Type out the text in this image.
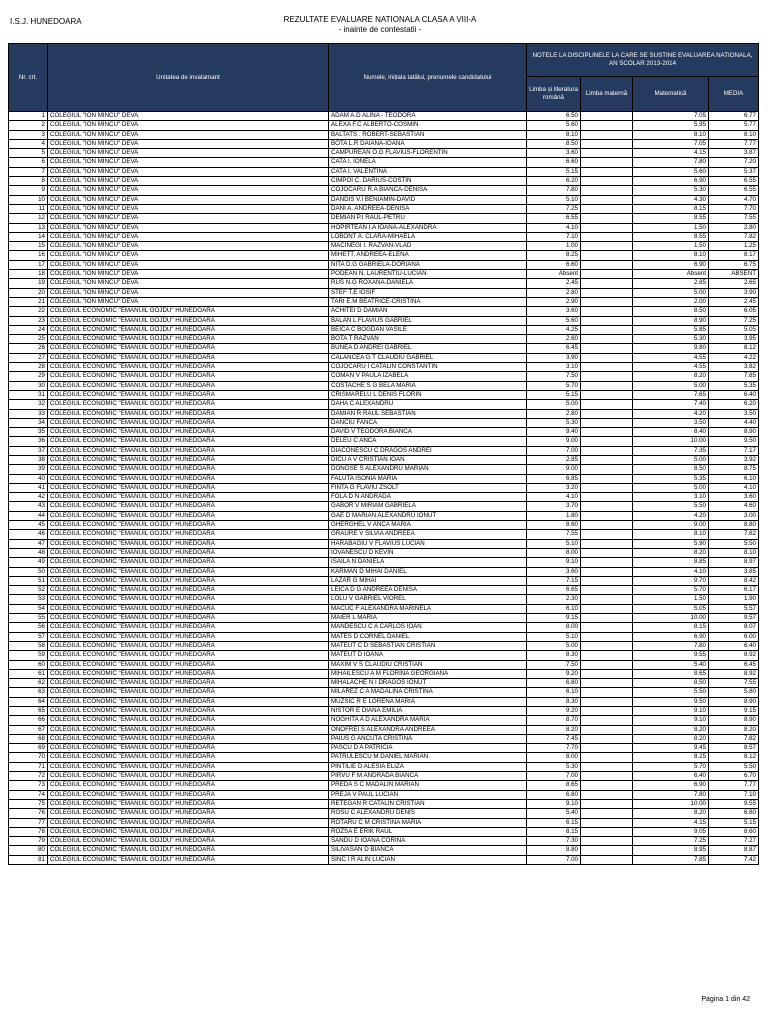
I.S.J. HUNEDOARA	REZULTATE EVALUARE NATIONALA CLASA A VIII-A
- inainte de contestatii -
Nr. crt.	Unitatea de invatamant	Numele, inițiala tatălui, prenumele candidatului	NOTELE LA DISCIPLINELE LA CARE SE SUSTINE EVALUAREA NATIONALA, AN SCOLAR 2013-2014			
			Limba și literatura română	Limba maternă	Matematică	MEDIA
1	COLEGIUL "ION MINCU" DEVA	ADAM A.D ALINA - TEODORA	6.50		7.05	6.77
2	COLEGIUL "ION MINCU" DEVA	ALEXA F.C ALBERTO-COSMIN	5.60		5.95	5.77
3	COLEGIUL "ION MINCU" DEVA	BALTATS . ROBERT-SEBASTIAN	8.10		8.10	8.10
4	COLEGIUL "ION MINCU" DEVA	BOTA L.R DAIANA-IOANA	8.50		7.05	7.77
5	COLEGIUL "ION MINCU" DEVA	CAMPUREAN O.G FLAVIUS-FLORENTIN	3.60		4.15	3.87
6	COLEGIUL "ION MINCU" DEVA	CATA I. IONELA	6.60		7.80	7.20
7	COLEGIUL "ION MINCU" DEVA	CATA I. VALENTINA	5.15		5.60	5.37
8	COLEGIUL "ION MINCU" DEVA	CIMPOI C. DARIUS-COSTIN	6.20		6.90	6.55
9	COLEGIUL "ION MINCU" DEVA	COJOCARU R.A BIANCA-DENISA	7.80		5.30	6.55
10	COLEGIUL "ION MINCU" DEVA	DANDIS V.I BENIAMIN-DAVID	5.10		4.30	4.70
11	COLEGIUL "ION MINCU" DEVA	DANI A. ANDREEA-DENISA	7.25		8.15	7.70
12	COLEGIUL "ION MINCU" DEVA	DEMIAN P.I RAUL-PETRU	6.55		8.55	7.55
13	COLEGIUL "ION MINCU" DEVA	HOPIRTEAN I.A IOANA-ALEXANDRA	4.10		1.50	2.80
14	COLEGIUL "ION MINCU" DEVA	LOBONT A. CLARA-MIHAELA	7.10		8.55	7.82
15	COLEGIUL "ION MINCU" DEVA	MACINEGI I. RAZVAN-VLAD	1.00		1.50	1.25
16	COLEGIUL "ION MINCU" DEVA	MIHETT. ANDREEA-ELENA	8.25		8.10	8.17
17	COLEGIUL "ION MINCU" DEVA	NITA D.G GABRIELA-DORIANA	6.60		6.90	6.75
18	COLEGIUL "ION MINCU" DEVA	PODEAN N. LAURENTIU-LUCIAN	Absent		Absent	ABSENT
19	COLEGIUL "ION MINCU" DEVA	RUS N.G ROXANA-DANIELA	2.45		2.85	2.65
20	COLEGIUL "ION MINCU" DEVA	STEF T.E IOSIF	2.80		5.00	3.90
21	COLEGIUL "ION MINCU" DEVA	TARI E.M BEATRICE-CRISTINA	2.90		2.00	2.45
22	COLEGIUL ECONOMIC "EMANUIL GOJDU" HUNEDOARA	ACHITEI D DAMIAN	3.60		8.50	6.05
23	COLEGIUL ECONOMIC "EMANUIL GOJDU" HUNEDOARA	BALAN L FLAVIUS GABRIEL	5.60		8.90	7.25
24	COLEGIUL ECONOMIC "EMANUIL GOJDU" HUNEDOARA	BEICA C BOGDAN VASILE	4.25		5.85	5.05
25	COLEGIUL ECONOMIC "EMANUIL GOJDU" HUNEDOARA	BOTA T RAZVAN	2.60		5.30	3.95
26	COLEGIUL ECONOMIC "EMANUIL GOJDU" HUNEDOARA	BUNEA D ANDREI GABRIEL	6.45		9.80	8.12
27	COLEGIUL ECONOMIC "EMANUIL GOJDU" HUNEDOARA	CALANCEA G T CLAUDIU GABRIEL	3.90		4.55	4.22
28	COLEGIUL ECONOMIC "EMANUIL GOJDU" HUNEDOARA	COJOCARU I CATALIN CONSTANTIN	3.10		4.55	3.82
29	COLEGIUL ECONOMIC "EMANUIL GOJDU" HUNEDOARA	COMAN V PAULA IZABELA	7.50		8.20	7.85
30	COLEGIUL ECONOMIC "EMANUIL GOJDU" HUNEDOARA	COSTACHE S G BELA MARIA	5.70		5.00	5.35
31	COLEGIUL ECONOMIC "EMANUIL GOJDU" HUNEDOARA	CRISMARELU L DENIS FLORIN	5.15		7.65	6.40
32	COLEGIUL ECONOMIC "EMANUIL GOJDU" HUNEDOARA	DAHA C ALEXANDRU	5.00		7.40	6.20
33	COLEGIUL ECONOMIC "EMANUIL GOJDU" HUNEDOARA	DAMIAN R RAUL SEBASTIAN	2.80		4.20	3.50
34	COLEGIUL ECONOMIC "EMANUIL GOJDU" HUNEDOARA	DANCIU FANCA	5.30		3.50	4.40
35	COLEGIUL ECONOMIC "EMANUIL GOJDU" HUNEDOARA	DAVID V TEODORA BIANCA	9.40		8.40	8.90
36	COLEGIUL ECONOMIC "EMANUIL GOJDU" HUNEDOARA	DELEU C ANCA	9.00		10.00	9.50
37	COLEGIUL ECONOMIC "EMANUIL GOJDU" HUNEDOARA	DIACONESCU C DRAGOS ANDREI	7.00		7.35	7.17
38	COLEGIUL ECONOMIC "EMANUIL GOJDU" HUNEDOARA	DICU A V CRISTIAN IOAN	2.85		5.00	3.92
39	COLEGIUL ECONOMIC "EMANUIL GOJDU" HUNEDOARA	DONOSE S ALEXANDRU MARIAN	9.00		8.50	8.75
40	COLEGIUL ECONOMIC "EMANUIL GOJDU" HUNEDOARA	FALUTA ISONIA MARIA	6.85		5.35	6.10
41	COLEGIUL ECONOMIC "EMANUIL GOJDU" HUNEDOARA	FINTA G FLAVIU ZSOLT	3.20		5.00	4.10
42	COLEGIUL ECONOMIC "EMANUIL GOJDU" HUNEDOARA	FOLA D N ANDRADA	4.10		3.10	3.60
43	COLEGIUL ECONOMIC "EMANUIL GOJDU" HUNEDOARA	GABOR V MIRIAM GABRIELA	3.70		5.50	4.60
44	COLEGIUL ECONOMIC "EMANUIL GOJDU" HUNEDOARA	GAE D MARIAN ALEXANDRU IONUT	1.80		4.20	3.00
45	COLEGIUL ECONOMIC "EMANUIL GOJDU" HUNEDOARA	GHERGHEL V ANCA MARIA	8.60		9.00	8.80
46	COLEGIUL ECONOMIC "EMANUIL GOJDU" HUNEDOARA	GRAURE V SILVIA ANDREEA	7.55		8.10	7.82
47	COLEGIUL ECONOMIC "EMANUIL GOJDU" HUNEDOARA	HARABAGIU V FLAVIUS LUCIAN	5.10		5.90	5.50
48	COLEGIUL ECONOMIC "EMANUIL GOJDU" HUNEDOARA	IOVANESCU D KEVIN	8.00		8.20	8.10
49	COLEGIUL ECONOMIC "EMANUIL GOJDU" HUNEDOARA	ISAILA N DANIELA	9.10		8.85	8.97
50	COLEGIUL ECONOMIC "EMANUIL GOJDU" HUNEDOARA	KARMAN D MIHAI DANIEL	3.60		4.10	3.85
51	COLEGIUL ECONOMIC "EMANUIL GOJDU" HUNEDOARA	LAZAR G MIHAI	7.15		9.70	8.42
52	COLEGIUL ECONOMIC "EMANUIL GOJDU" HUNEDOARA	LEICA D G ANDREEA DENISA	6.65		5.70	6.17
53	COLEGIUL ECONOMIC "EMANUIL GOJDU" HUNEDOARA	LOLU V GABRIEL VIOREL	2.30		1.50	1.90
54	COLEGIUL ECONOMIC "EMANUIL GOJDU" HUNEDOARA	MACUC F ALEXANDRA MARINELA	6.10		5.05	5.57
55	COLEGIUL ECONOMIC "EMANUIL GOJDU" HUNEDOARA	MAIER L MARIA	9.15		10.00	9.57
56	COLEGIUL ECONOMIC "EMANUIL GOJDU" HUNEDOARA	MANDESCU C A CARLOS IOAN	8.00		8.15	8.07
57	COLEGIUL ECONOMIC "EMANUIL GOJDU" HUNEDOARA	MATES D CORNEL DANIEL	5.10		6.90	6.00
58	COLEGIUL ECONOMIC "EMANUIL GOJDU" HUNEDOARA	MATEUT C D SEBASTIAN CRISTIAN	5.00		7.80	6.40
59	COLEGIUL ECONOMIC "EMANUIL GOJDU" HUNEDOARA	MATEUT D IOANA	8.30		9.55	8.92
60	COLEGIUL ECONOMIC "EMANUIL GOJDU" HUNEDOARA	MAXIM V S CLAUDIU CRISTIAN	7.50		5.40	6.45
61	COLEGIUL ECONOMIC "EMANUIL GOJDU" HUNEDOARA	MIHAILESCU A M FLORINA GEORGIANA	9.20		8.65	8.92
62	COLEGIUL ECONOMIC "EMANUIL GOJDU" HUNEDOARA	MIHALACHE N I DRAGOS IONUT	6.60		8.50	7.55
63	COLEGIUL ECONOMIC "EMANUIL GOJDU" HUNEDOARA	MILAREZ C A MADALINA CRISTINA	6.10		5.50	5.80
64	COLEGIUL ECONOMIC "EMANUIL GOJDU" HUNEDOARA	MUZSIC R E LORENA MARIA	8.30		9.50	8.90
65	COLEGIUL ECONOMIC "EMANUIL GOJDU" HUNEDOARA	NISTOR E DIANA EMILIA	9.20		9.10	9.15
66	COLEGIUL ECONOMIC "EMANUIL GOJDU" HUNEDOARA	NOGHITA A D ALEXANDRA MARIA	8.70		9.10	8.90
67	COLEGIUL ECONOMIC "EMANUIL GOJDU" HUNEDOARA	ONOFREI S ALEXANDRA ANDREEA	8.20		8.20	8.20
68	COLEGIUL ECONOMIC "EMANUIL GOJDU" HUNEDOARA	PAIUS G ANCUTA CRISTINA	7.45		8.20	7.82
69	COLEGIUL ECONOMIC "EMANUIL GOJDU" HUNEDOARA	PASCU D A PATRICIA	7.70		9.45	8.57
70	COLEGIUL ECONOMIC "EMANUIL GOJDU" HUNEDOARA	PATRULESCU M DANIEL MARIAN	8.00		8.25	8.12
71	COLEGIUL ECONOMIC "EMANUIL GOJDU" HUNEDOARA	PINTILIE D ALESIA ELIZA	5.30		5.70	5.50
72	COLEGIUL ECONOMIC "EMANUIL GOJDU" HUNEDOARA	PIRVU F M ANDRADA BIANCA	7.00		6.40	6.70
73	COLEGIUL ECONOMIC "EMANUIL GOJDU" HUNEDOARA	PREDA S C MADALIN MARIAN	8.65		6.90	7.77
74	COLEGIUL ECONOMIC "EMANUIL GOJDU" HUNEDOARA	PREJA V PAUL LUCIAN	6.60		7.80	7.10
75	COLEGIUL ECONOMIC "EMANUIL GOJDU" HUNEDOARA	RETEGAN R CATALIN CRISTIAN	9.10		10.00	9.55
76	COLEGIUL ECONOMIC "EMANUIL GOJDU" HUNEDOARA	ROSU C ALEXANDRU DENIS	5.40		8.20	6.80
77	COLEGIUL ECONOMIC "EMANUIL GOJDU" HUNEDOARA	ROTARU C M CRISTINA MARIA	6.15		4.15	5.15
78	COLEGIUL ECONOMIC "EMANUIL GOJDU" HUNEDOARA	ROZSA E ERIK RAUL	8.15		9.05	8.60
79	COLEGIUL ECONOMIC "EMANUIL GOJDU" HUNEDOARA	SANDU D IOANA CORINA	7.30		7.25	7.27
80	COLEGIUL ECONOMIC "EMANUIL GOJDU" HUNEDOARA	SILIVASAN D BIANCA	8.80		8.95	8.87
81	COLEGIUL ECONOMIC "EMANUIL GOJDU" HUNEDOARA	SINC I R ALIN LUCIAN	7.00		7.85	7.42
Pagina 1 din 42
